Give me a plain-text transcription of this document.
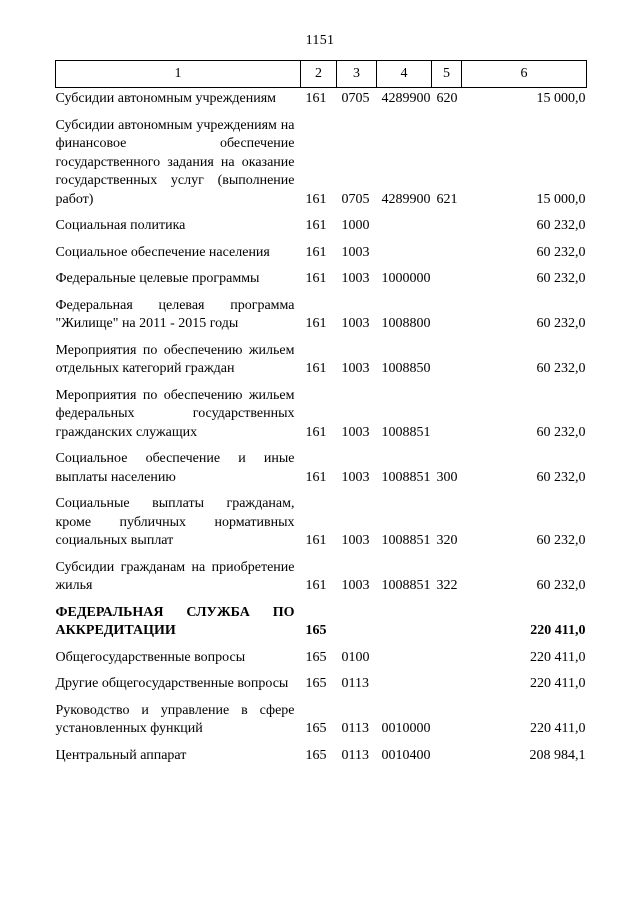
1151
1	2	3	4	5	6
Субсидии автономным учреждениям	161	0705	4289900	620	15 000,0
Субсидии автономным учреждениям на финансовое обеспечение государственного задания на оказание государственных услуг (выполнение работ)	161	0705	4289900	621	15 000,0
Социальная политика	161	1000			60 232,0
Социальное обеспечение населения	161	1003			60 232,0
Федеральные целевые программы	161	1003	1000000		60 232,0
Федеральная целевая программа "Жилище" на 2011 - 2015 годы	161	1003	1008800		60 232,0
Мероприятия по обеспечению жильем отдельных категорий граждан	161	1003	1008850		60 232,0
Мероприятия по обеспечению жильем федеральных государственных гражданских служащих	161	1003	1008851		60 232,0
Социальное обеспечение и иные выплаты населению	161	1003	1008851	300	60 232,0
Социальные выплаты гражданам, кроме публичных нормативных социальных выплат	161	1003	1008851	320	60 232,0
Субсидии гражданам на приобретение жилья	161	1003	1008851	322	60 232,0
ФЕДЕРАЛЬНАЯ СЛУЖБА ПО АККРЕДИТАЦИИ	165				220 411,0
Общегосударственные вопросы	165	0100			220 411,0
Другие общегосударственные вопросы	165	0113			220 411,0
Руководство и управление в сфере установленных функций	165	0113	0010000		220 411,0
Центральный аппарат	165	0113	0010400		208 984,1
